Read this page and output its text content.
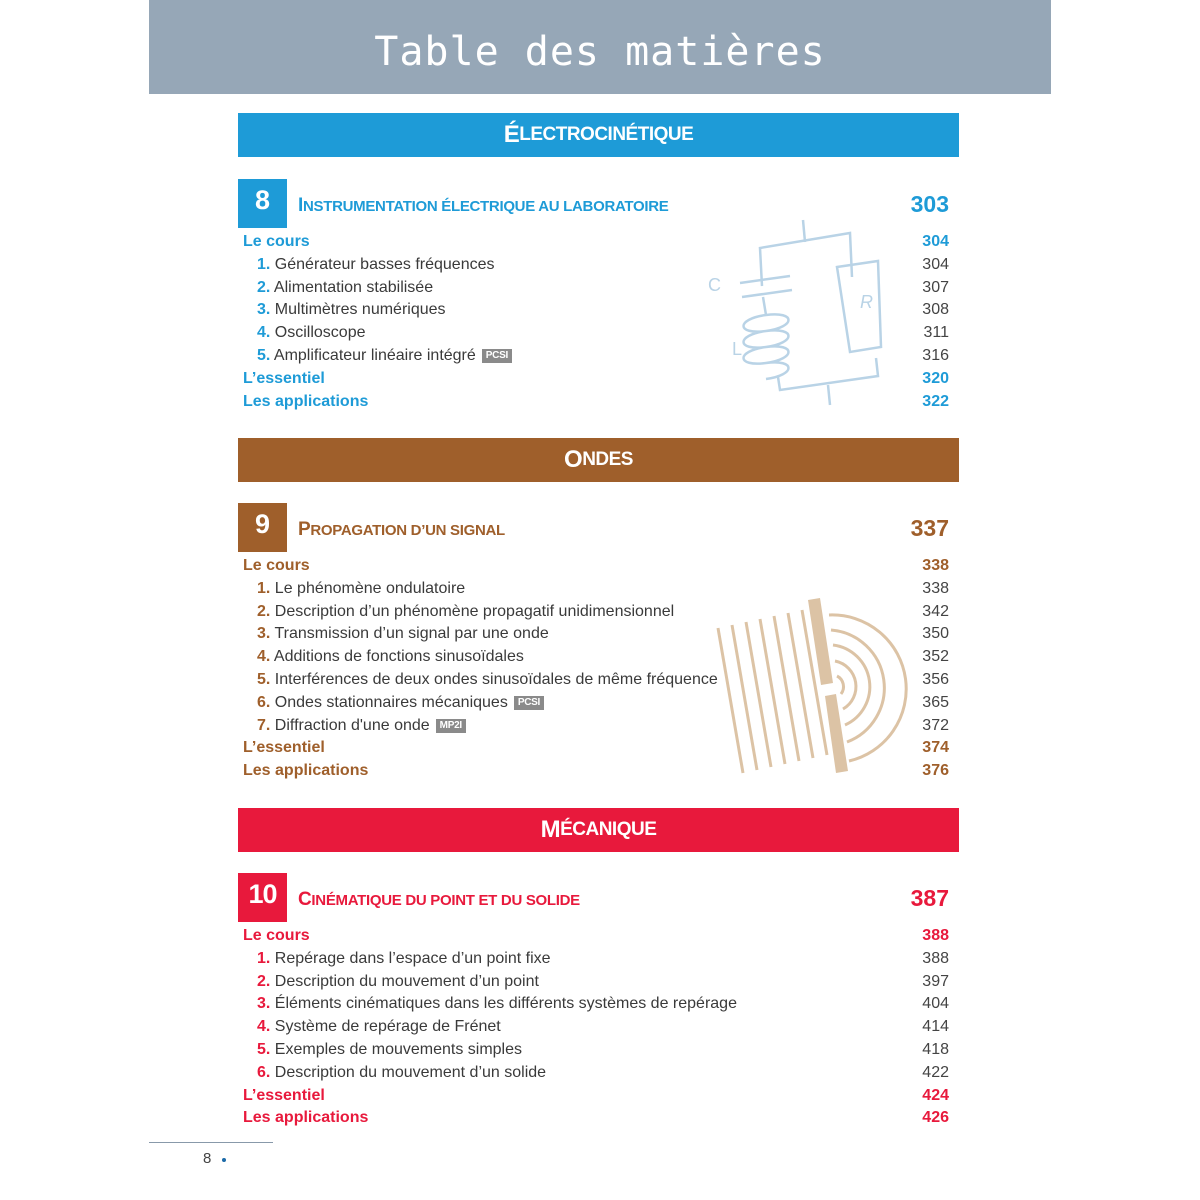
Table des matières
É LECTROCINÉTIQUE
8	INSTRUMENTATION ÉLECTRIQUE AU LABORATOIRE	303
Le cours	304
1. Générateur basses fréquences	304
2. Alimentation stabilisée	307
3. Multimètres numériques	308
4. Oscilloscope	311
5. Amplificateur linéaire intégré PCSI	316
L’essentiel	320
Les applications	322
C
L
R
O NDES
9	PROPAGATION D’UN SIGNAL	337
Le cours	338
1. Le phénomène ondulatoire	338
2. Description d’un phénomène propagatif unidimensionnel	342
3. Transmission d’un signal par une onde	350
4. Additions de fonctions sinusoïdales	352
5. Interférences de deux ondes sinusoïdales de même fréquence	356
6. Ondes stationnaires mécaniques PCSI	365
7. Diffraction d'une onde MP2I	372
L’essentiel	374
Les applications	376
M ÉCANIQUE
10	CINÉMATIQUE DU POINT ET DU SOLIDE	387
Le cours	388
1. Repérage dans l’espace d’un point fixe	388
2. Description du mouvement d’un point	397
3. Éléments cinématiques dans les différents systèmes de repérage	404
4. Système de repérage de Frénet	414
5. Exemples de mouvements simples	418
6. Description du mouvement d’un solide	422
L’essentiel	424
Les applications	426
8
